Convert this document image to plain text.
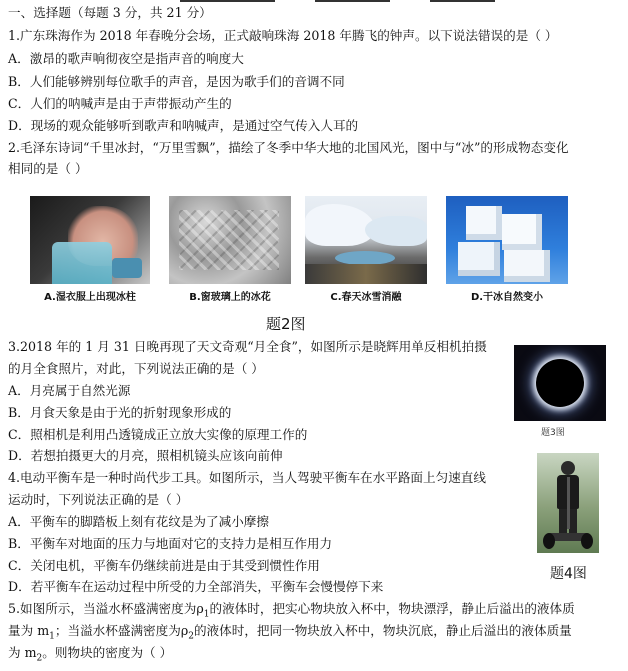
一、选择题（每题 3 分，共 21 分）
1.广东珠海作为 2018 年春晚分会场，正式敲响珠海 2018 年腾飞的钟声。以下说法错误的是（ ）
A．激昂的歌声响彻夜空是指声音的响度大
B．人们能够辨别每位歌手的声音，是因为歌手们的音调不同
C．人们的呐喊声是由于声带振动产生的
D．现场的观众能够听到歌声和呐喊声，是通过空气传入人耳的
2.毛泽东诗词“千里冰封，“万里雪飘”，描绘了冬季中华大地的北国风光，图中与“冰”的形成物态变化
相同的是（ ）
A.湿衣服上出现冰柱	B.窗玻璃上的冰花	C.春天冰雪消融	D.干冰自然变小
题2图
3.2018 年的 1 月 31 日晚再现了天文奇观“月全食”，如图所示是晓辉用单反相机拍摄
的月全食照片，对此，下列说法正确的是（ ）
A．月亮属于自然光源
B．月食天象是由于光的折射现象形成的
C．照相机是利用凸透镜成正立放大实像的原理工作的
D．若想拍摄更大的月亮，照相机镜头应该向前伸
题3图
4.电动平衡车是一种时尚代步工具。如图所示，当人驾驶平衡车在水平路面上匀速直线
运动时，下列说法正确的是（ ）
A．平衡车的脚踏板上刻有花纹是为了减小摩擦
B．平衡车对地面的压力与地面对它的支持力是相互作用力
C．关闭电机，平衡车仍继续前进是由于其受到惯性作用
D．若平衡车在运动过程中所受的力全部消失，平衡车会慢慢停下来
题4图
5.如图所示，当溢水杯盛满密度为$\rho_1$的液体时，把实心物块放入杯中，物块漂浮，静止后溢出的液体质
量为 $m_1$；当溢水杯盛满密度为$\rho_2$的液体时，把同一物块放入杯中，物块沉底，静止后溢出的液体质量
为 $m_2$。则物块的密度为（ ）
